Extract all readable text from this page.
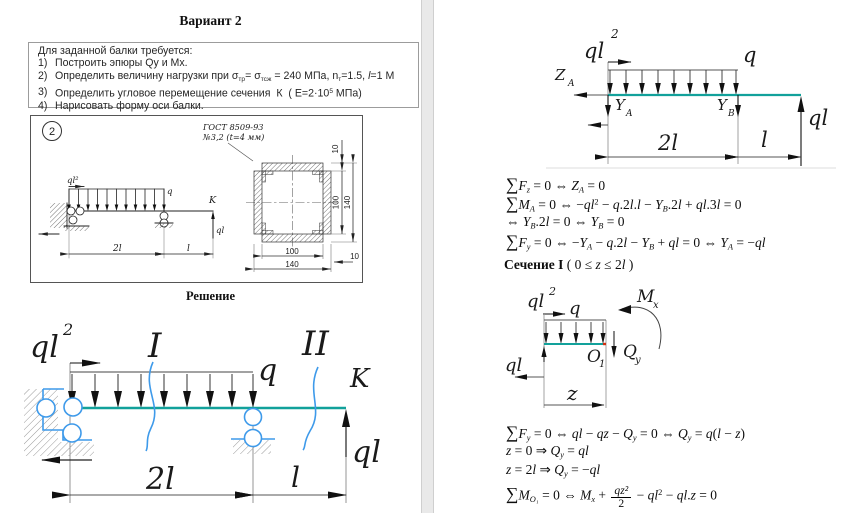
Вариант 2
Для заданной балки требуется:
1) Построить эпюры Qy и Мх.
2) Определить величину нагрузки при σтр= σтсж = 240 МПа, nт=1.5, l=1 М
3) Определить угловое перемещение сечения  К  ( $Е=2\cdot 10^5$ МПа)
4) Нарисовать форму оси балки.
2	ГОСТ 8509-93
№3,2 (t=4 мм)
ql²
q
K
ql
2l	l
100 140
10
100
140
10
Решение
ql
2
q
I	II
K
ql
2l	l
ql
2
Z A
q
Y A	Y B	ql
2l	l
∑Fz = 0 ⇔ ZA = 0
∑MA = 0 ⇔ $-ql^2 - q.2l.l - YB.2l + ql.3l = 0$
⇔ YB.2l = 0 ⇔ YB = 0
∑Fy = 0 ⇔ −YA − q.2l − YB + ql = 0 ⇔ YA = −ql
Сечение I ( 0 ≤ z ≤ 2l )
ql 2
q
ql	O
1
Q
y
M
x
z
∑Fy = 0 ⇔ ql − qz − Qy = 0 ⇔ Qy = q(l − z)
z = 0 ⇒ Qy = ql
z = 2l ⇒ Qy = −ql
∑MO₁ = 0 ⇔ $Mx + \frac{\text{qz²}}{2} - ql^2 - ql.z = 0$
